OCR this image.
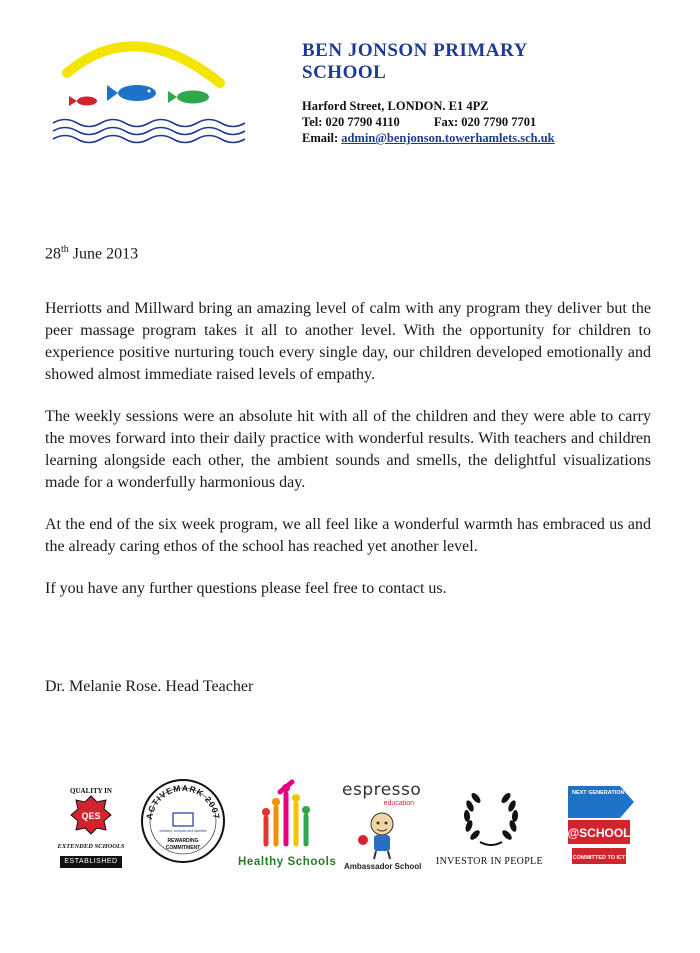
BEN JONSON PRIMARY SCHOOL
Harford Street, LONDON. E1 4PZ
Tel: 020 7790 4110	Fax: 020 7790 7701
Email: admin@benjonson.towerhamlets.sch.uk
28th June 2013

Herriotts and Millward bring an amazing level of calm with any program they deliver but the peer massage program takes it all to another level. With the opportunity for children to experience positive nurturing touch every single day, our children developed emotionally and showed almost immediate raised levels of empathy.

The weekly sessions were an absolute hit with all of the children and they were able to carry the moves forward into their daily practice with wonderful results. With teachers and children learning alongside each other, the ambient sounds and smells, the delightful visualizations made for a wonderfully harmonious day.

At the end of the six week program, we all feel like a wonderful warmth has embraced us and the already caring ethos of the school has reached yet another level.

If you have any further questions please feel free to contact us.

Dr. Melanie Rose. Head Teacher
QUALITY IN
QES
EXTENDED SCHOOLS
ESTABLISHED
ACTIVEMARK 2007
children, schools and families
REWARDING
COMMITMENT
Healthy Schools
espresso
education
Ambassador School INVESTOR IN PEOPLE
NEXT GENERATION LEARNING
@SCHOOL
COMMITTED TO ICT
